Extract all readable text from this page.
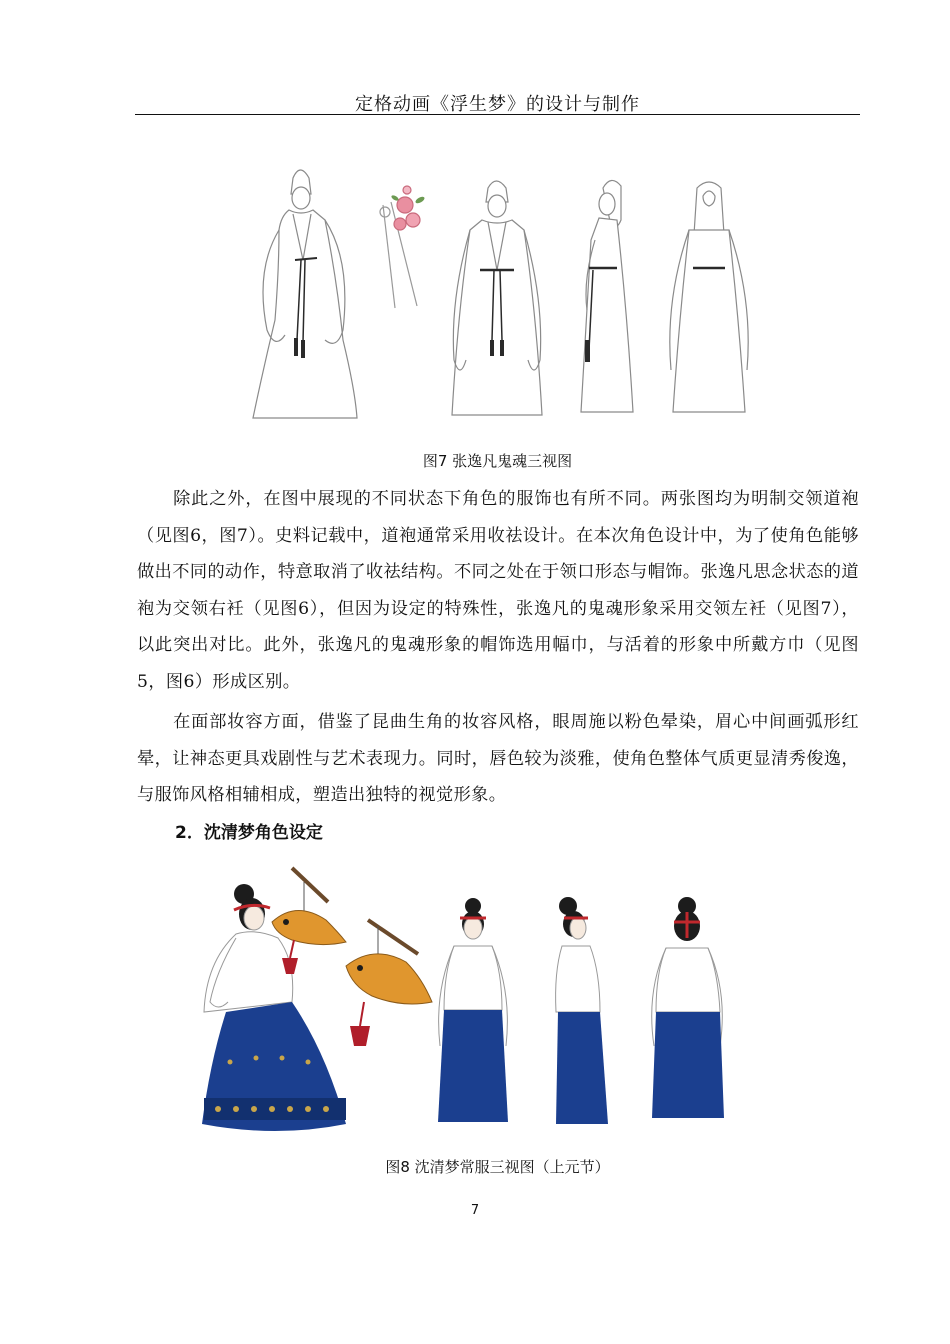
定格动画《浮生梦》的设计与制作
图7 张逸凡鬼魂三视图
除此之外，在图中展现的不同状态下角色的服饰也有所不同。两张图均为明制交领道袍（见图6，图7）。史料记载中，道袍通常采用收祛设计。在本次角色设计中，为了使角色能够做出不同的动作，特意取消了收祛结构。不同之处在于领口形态与帽饰。张逸凡思念状态的道袍为交领右衽（见图6），但因为设定的特殊性，张逸凡的鬼魂形象采用交领左衽（见图7），以此突出对比。此外，张逸凡的鬼魂形象的帽饰选用幅巾，与活着的形象中所戴方巾（见图5，图6）形成区别。
在面部妆容方面，借鉴了昆曲生角的妆容风格，眼周施以粉色晕染，眉心中间画弧形红晕，让神态更具戏剧性与艺术表现力。同时，唇色较为淡雅，使角色整体气质更显清秀俊逸，与服饰风格相辅相成，塑造出独特的视觉形象。
2．沈清梦角色设定
图8 沈清梦常服三视图（上元节）
7
